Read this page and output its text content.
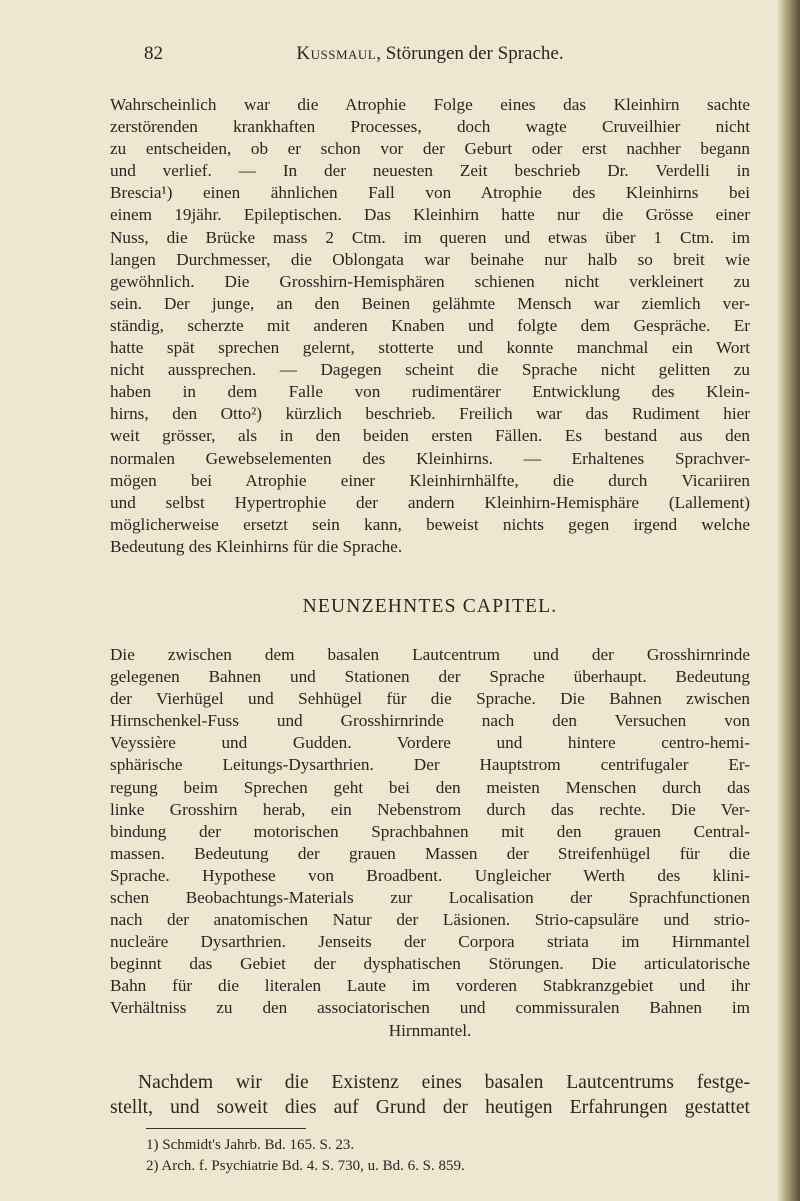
82	Kussmaul, Störungen der Sprache.

Wahrscheinlich war die Atrophie Folge eines das Kleinhirn sachte
zerstörenden krankhaften Processes, doch wagte Cruveilhier nicht
zu entscheiden, ob er schon vor der Geburt oder erst nachher begann
und verlief. — In der neuesten Zeit beschrieb Dr. Verdelli in
Brescia¹) einen ähnlichen Fall von Atrophie des Kleinhirns bei
einem 19jähr. Epileptischen. Das Kleinhirn hatte nur die Grösse einer
Nuss, die Brücke mass 2 Ctm. im queren und etwas über 1 Ctm. im
langen Durchmesser, die Oblongata war beinahe nur halb so breit wie
gewöhnlich. Die Grosshirn-Hemisphären schienen nicht verkleinert zu
sein. Der junge, an den Beinen gelähmte Mensch war ziemlich ver-
ständig, scherzte mit anderen Knaben und folgte dem Gespräche. Er
hatte spät sprechen gelernt, stotterte und konnte manchmal ein Wort
nicht aussprechen. — Dagegen scheint die Sprache nicht gelitten zu
haben in dem Falle von rudimentärer Entwicklung des Klein-
hirns, den Otto²) kürzlich beschrieb. Freilich war das Rudiment hier
weit grösser, als in den beiden ersten Fällen. Es bestand aus den
normalen Gewebselementen des Kleinhirns. — Erhaltenes Sprachver-
mögen bei Atrophie einer Kleinhirnhälfte, die durch Vicariiren
und selbst Hypertrophie der andern Kleinhirn-Hemisphäre (Lallement)
möglicherweise ersetzt sein kann, beweist nichts gegen irgend welche
Bedeutung des Kleinhirns für die Sprache.

NEUNZEHNTES CAPITEL.

Die zwischen dem basalen Lautcentrum und der Grosshirnrinde
gelegenen Bahnen und Stationen der Sprache überhaupt. Bedeutung
der Vierhügel und Sehhügel für die Sprache. Die Bahnen zwischen
Hirnschenkel-Fuss und Grosshirnrinde nach den Versuchen von
Veyssière und Gudden. Vordere und hintere centro-hemi-
sphärische Leitungs-Dysarthrien. Der Hauptstrom centrifugaler Er-
regung beim Sprechen geht bei den meisten Menschen durch das
linke Grosshirn herab, ein Nebenstrom durch das rechte. Die Ver-
bindung der motorischen Sprachbahnen mit den grauen Central-
massen. Bedeutung der grauen Massen der Streifenhügel für die
Sprache. Hypothese von Broadbent. Ungleicher Werth des klini-
schen Beobachtungs-Materials zur Localisation der Sprachfunctionen
nach der anatomischen Natur der Läsionen. Strio-capsuläre und strio-
nucleäre Dysarthrien. Jenseits der Corpora striata im Hirnmantel
beginnt das Gebiet der dysphatischen Störungen. Die articulatorische
Bahn für die literalen Laute im vorderen Stabkranzgebiet und ihr
Verhältniss zu den associatorischen und commissuralen Bahnen im
Hirnmantel.

Nachdem wir die Existenz eines basalen Lautcentrums festge-
stellt, und soweit dies auf Grund der heutigen Erfahrungen gestattet

1) Schmidt's Jahrb. Bd. 165. S. 23.
2) Arch. f. Psychiatrie Bd. 4. S. 730, u. Bd. 6. S. 859.
